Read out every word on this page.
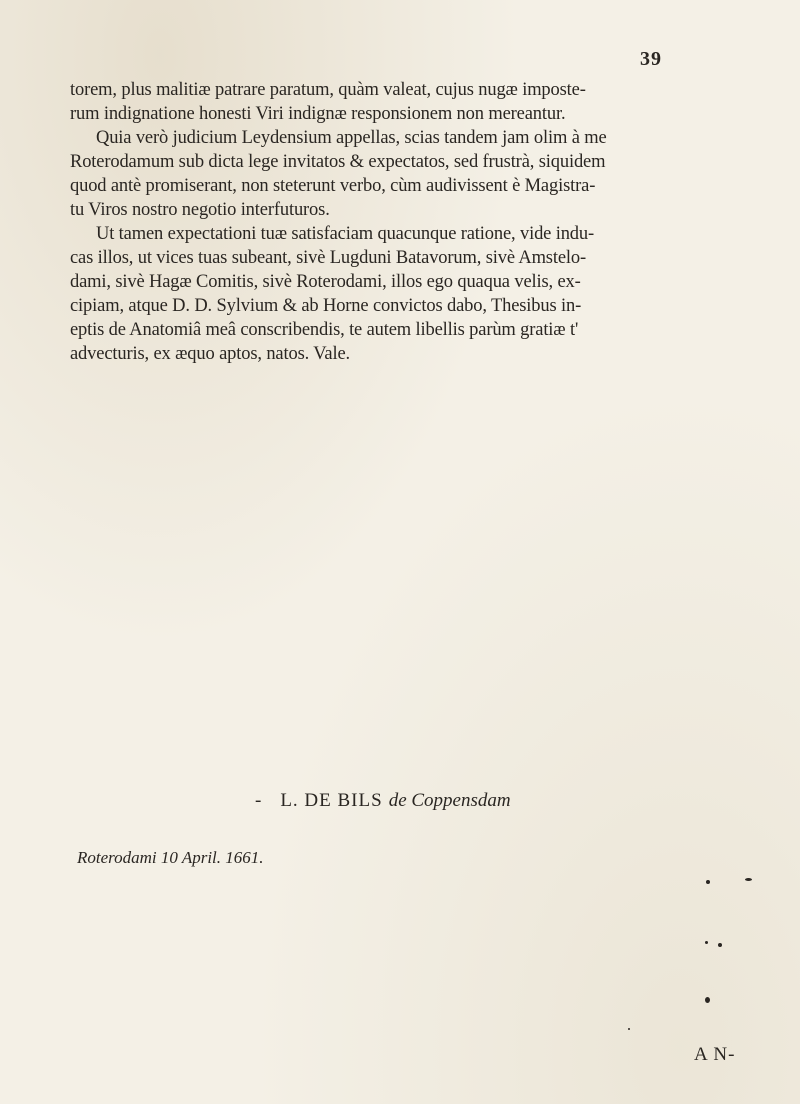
39
torem, plus malitiæ patrare paratum, quàm valeat, cujus nugæ imposte-
rum indignatione honesti Viri indignæ responsionem non mereantur.
Quia verò judicium Leydensium appellas, scias tandem jam olim à me
Roterodamum sub dicta lege invitatos & expectatos, sed frustrà, siquidem
quod antè promiserant, non steterunt verbo, cùm audivissent è Magistra-
tu Viros nostro negotio interfuturos.
Ut tamen expectationi tuæ satisfaciam quacunque ratione, vide indu-
cas illos, ut vices tuas subeant, sivè Lugduni Batavorum, sivè Amstelo-
dami, sivè Hagæ Comitis, sivè Roterodami, illos ego quaqua velis, ex-
cipiam, atque D. D. Sylvium & ab Horne convictos dabo, Thesibus in-
eptis de Anatomiâ meâ conscribendis, te autem libellis parùm gratiæ t'
advecturis, ex æquo aptos, natos. Vale.
- L. DE BILS de Coppensdam
Roterodami 10 April. 1661.
A N-
